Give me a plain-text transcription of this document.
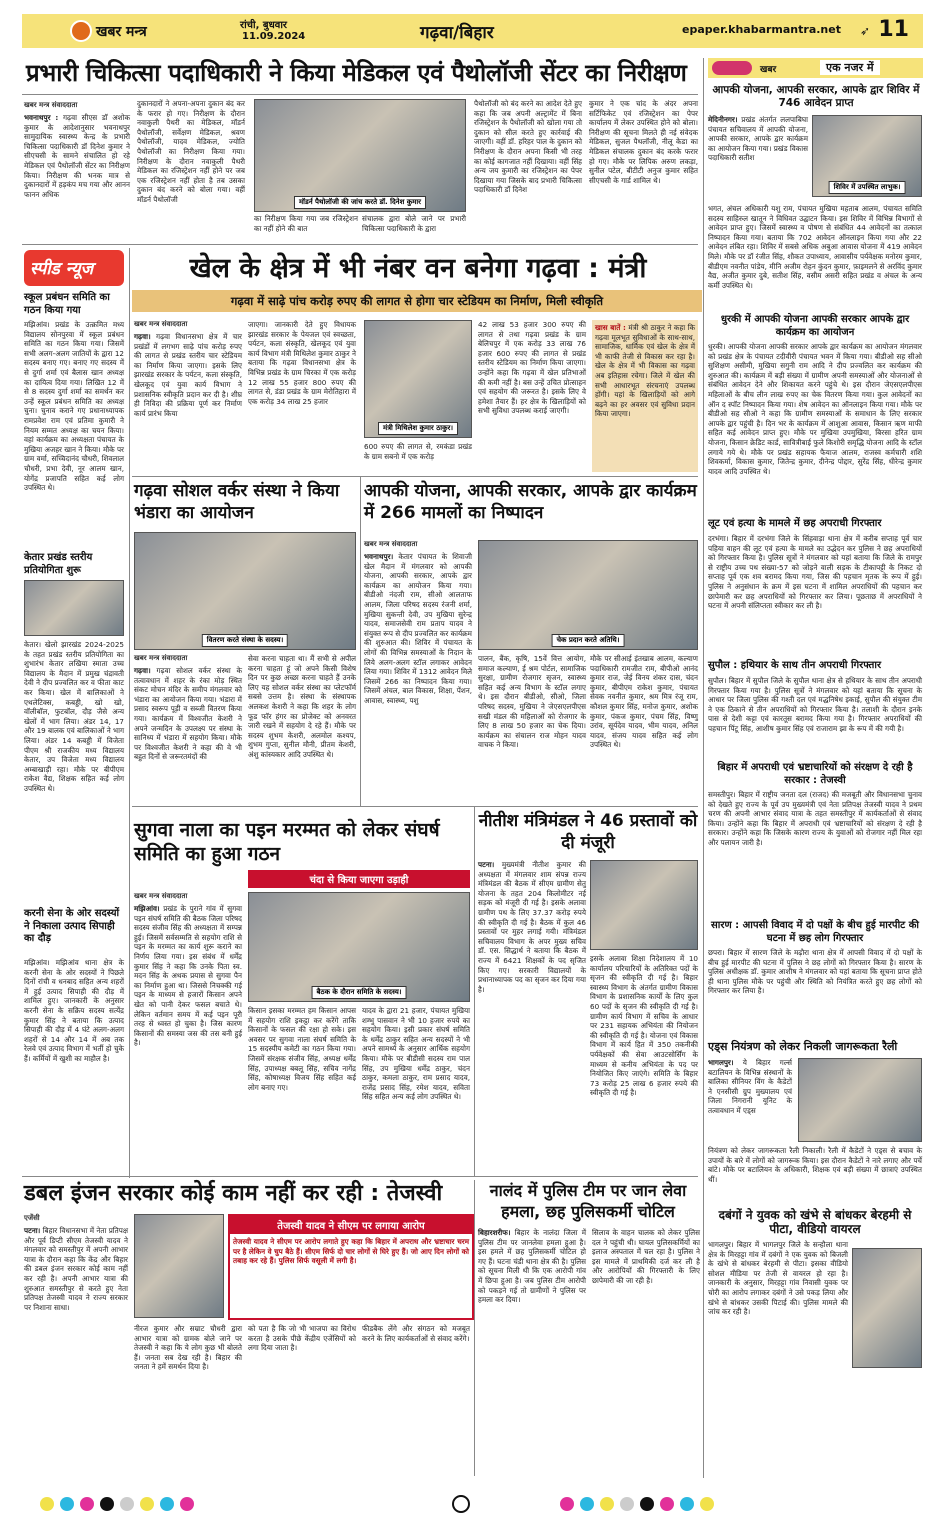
खबर मन्त्र	रांची, बुधवार
11.09.2024	गढ़वा/बिहार	epaper.khabarmantra.net ➶ 11
प्रभारी चिकित्सा पदाधिकारी ने किया मेडिकल एवं पैथोलॉजी सेंटर का निरीक्षण
खबर मन्त्र संवाददाता
भवनाथपुर : गढ़वा सीएस डॉ अशोक कुमार के आदेशानुसार भवनाथपुर सामुदायिक स्वास्थ्य केन्द्र के प्रभारी चिकित्सा पदाधिकारी डॉ दिनेश कुमार ने सीएचसी के सामने संचालित हो रहे मेडिकल एवं पैथोलॉजी सेंटर का निरीक्षण किया। निरीक्षण की भनक मात्र से दुकानदारों में हड़कंप मच गया और आनन फानन अधिक
दुकानदारों ने अपना-अपना दुकान बंद कर के फरार हो गए। निरीक्षण के दौरान नवाकुली पैथरी का मेडिकल, मॉडर्न पैथोलॉजी, सर्वेक्षण मेडिकल, श्रवण पैथोलॉजी, यादव मेडिकल, ज्योति पैथोलॉजी का निरीक्षण किया गया। निरीक्षण के दौरान नवाकुली पैथरी मेडिकल का रजिस्ट्रेशन नहीं होने पर जब एक रजिस्ट्रेशन नहीं होता है तब उसका दुकान बंद करने को बोला गया। वहीं मॉडर्न पैथोलॉजी	मॉडर्न पैथोलॉजी की जांच करते डॉ. दिनेश कुमार
का निरीक्षण किया गया जब रजिस्ट्रेशन का नहीं होने की बात
संचालक द्वारा बोले जाने पर प्रभारी चिकित्सा पदाधिकारी के द्वारा
पैथोलॉजी को बंद करने का आदेश देते हुए कहा कि जब अपनी अल्ट्रामेंट में बिना रजिस्ट्रेशन के पैथोलॉजी को खोला गया तो दुकान को सील करते हुए कार्रवाई की जाएगी। वहीं डॉ. हरिहर पाल के दुकान को निरीक्षण के दौरान अपना किसी भी तरह का कोई कागजात नहीं दिखाया। वहीं सिंह अन्य जय कुमारी का रजिस्ट्रेशन का पेपर दिखाया गया जिसके बाद प्रभारी चिकित्सा पदाधिकारी डॉ दिनेश
कुमार ने एक चांद के अंदर अपना सर्टिफिकेट एवं रजिस्ट्रेशन का पेपर कार्यालय में लेकर उपस्थित होने को बोला। निरीक्षण की सूचना मिलते ही नई संवेदक मेडिकल, सुजल पैथलॉजी, नीलू केडा का मेडिकल संचालक दुकान बंद करके फरार हो गए। मौके पर लिपिक अरुण लकड़ा, सुनील पटेल, बीटीटी अनुज कुमार सहित सीएचसी के गार्ड शामिल थे।
खबर	एक नजर में
आपकी योजना, आपकी सरकार, आपके द्वार शिविर में 746 आवेदन प्राप्त
मेदिनीनगर। प्रखंड अंतर्गत ललपाबिघा पंचायत सचिवालय में आपकी योजना, आपकी सरकार, आपके द्वार कार्यक्रम का आयोजन किया गया। प्रखंड विकास पदाधिकारी सतीश
शिविर में उपस्थित लाभुक।
भगत, अंचल अधिकारी यशु राम, पंचायत मुखिया महताब आलम, पंचायत समिति सदस्य साहिरुल खातून ने विधिवत उद्घाटन किया। इस शिविर में विभिन्न विभागों से आवेदन प्राप्त हुए। जिसमें स्वास्थ्य व पोषण से संबंधित 44 आवेदनों का तत्काल निष्पादन किया गया। बताया कि 702 आवेदन ऑनलाइन किया गया और 22 आवेदन लंबित रहा। शिविर में सबसे अधिक अबुआ आवास योजना में 419 आवेदन मिले। मौके पर डॉ रंजीत सिंह, शौकत उपाध्याय, आवासीय पर्यवेक्षक मनोरम कुमार, बीडीएम नवनीत पांडेय, मीनि अजीम रोहन कुंदन कुमार, फ़ाइमलने से अरविंद कुमार वैद्य, अजीत कुमार दुबे, सतीश सिंह, वसीम असरी सहित प्रखंड व अंचल के अन्य कर्मी उपस्थित थे।
धुरकी में आपकी योजना आपकी सरकार आपके द्वार कार्यक्रम का आयोजन
धुरकी। आपकी योजना आपकी सरकार आपके द्वार कार्यक्रम का आयोजन मंगलवार को प्रखंड क्षेत्र के पंचायत टदीवीरी पंचायत भवन में किया गया। बीडीओ सह सीओ सुशिक्षण असीमी, मुखिया सगुनी राम आदि ने दीप प्रज्वलित कर कार्यक्रम की शुरुआत की। कार्यक्रम में बड़ी संख्या में ग्रामीण अपनी समस्याओं और योजनाओं से संबंधित आवेदन देने और शिकायत करने पहुंचे थे। इस दौरान जेएसएलपीएस महिलाओं के बीच लीन लाख रुपए का चेक वितरण किया गया। कुल आवेदनों का ऑन द स्पॉट निष्पादन किया गया। शेष आवेदन का ऑनलाइन किया गया। मौके पर बीडीओ सह सीओ ने कहा कि ग्रामीण समस्याओं के समाधान के लिए सरकार आपके द्वार पहुंची है। दिन भर के कार्यक्रम में आशुआ आवास, किसान ऋण माफी सहित कई आवेदन प्राप्त हुए। मौके पर मुखिया उपमुखिया, बिरसा हरित ग्राम योजना, किसान क्रेडिट कार्ड, सावित्रीबाई फुले किशोरी समृद्धि योजना आदि के स्टॉल लगाये गये थे। मौके पर प्रखंड सहायक फैयाज आलम, राजस्व कर्मचारी शशि शिवकर्मा, विकास कुमार, जितेन्द्र कुमार, दीनेन्द्र पोद्दार, सुरेंद्र सिंह, धीरेन्द्र कुमार यादव आदि उपस्थित थे।
लूट एवं हत्या के मामले में छह अपराधी गिरफ्तार
दरभंगा। बिहार में दरभंगा जिले के सिंहवाड़ा थाना क्षेत्र में करीब सप्ताह पूर्व चार पहिया वाहन की लूट एवं हत्या के मामले का उद्भेदन कर पुलिस ने छह अपराधियों को गिरफ्तार किया है। पुलिस सूत्रों ने मंगलवार को यहां बताया कि जिले के रामपुर से राष्ट्रीय उच्च पथ संख्या-57 को जोड़ने वाली सड़क के टीकापट्टी के निकट दो सप्ताह पूर्व एक शव बरामद किया गया, जिस की पहचान मृतक के रूप में हुई। पुलिस ने अनुसंधान के क्रम में इस घटना में शामिल अपराधियों की पहचान कर छापेमारी कर छह अपराधियों को गिरफ्तार कर लिया। पूछताछ में अपराधियों ने घटना में अपनी संलिप्तता स्वीकार कर ली है।
सुपौल : हथियार के साथ तीन अपराधी गिरफ्तार
सुपौल। बिहार में सुपौल जिले के सुपौल थाना क्षेत्र से हथियार के साथ तीन अपराधी गिरफ्तार किया गया है। पुलिस सूत्रों ने मंगलवार को यहां बताया कि सूचना के आधार पर जिला पुलिस की गश्ती दल एवं मद्धनिषेध इकाई, सुपौल की संयुक्त टीम ने एक ठिकाने से तीन अपराधियों को गिरफ्तार किया है। तलाशी के दौरान इनके पास से देशी कट्टा एवं कारतूस बरामद किया गया है। गिरफ्तार अपराधियों की पहचान पिंटू सिंह, आशीष कुमार सिंह एवं राजाराम झा के रूप में की गयी है।
बिहार में अपराधी एवं भ्रष्टाचारियों को संरक्षण दे रही है सरकार : तेजस्वी
समस्तीपुर। बिहार में राष्ट्रीय जनता दल (राजद) की मजबूती और विधानसभा चुनाव को देखते हुए राज्य के पूर्व उप मुख्यमंत्री एवं नेता प्रतिपक्ष तेजस्वी यादव ने प्रथम चरण की अपनी आभार संवाद यात्रा के तहत समस्तीपुर में कार्यकर्ताओं से संवाद किया। उन्होंने कहा कि बिहार में अपराधी एवं भ्रष्टाचारियों को संरक्षण दे रही है सरकार। उन्होंने कहा कि जिसके कारण राज्य के युवाओं को रोजगार नहीं मिल रहा और पलायन जारी है।
सारण : आपसी विवाद में दो पक्षों के बीच हुई मारपीट की घटना में छह लोग गिरफ्तार
छपरा। बिहार में सारण जिले के मढ़ौरा थाना क्षेत्र में आपसी विवाद में दो पक्षों के बीच हुई मारपीट की घटना में पुलिस ने छह लोगों को गिरफ्तार किया है। सारण के पुलिस अधीक्षक डॉ. कुमार आशीष ने मंगलवार को यहां बताया कि सूचना प्राप्त होते ही थाना पुलिस मौके पर पहुंची और स्थिति को नियंत्रित करते हुए छह लोगों को गिरफ्तार कर लिया है।
एड्स नियंत्रण को लेकर निकली जागरूकता रैली
भागलपुर। ये बिहार गर्ल्स बटालियन के विभिन्न संस्थानों के बालिका सीनियर विंग के कैडेटों ने एनसीसी ग्रुप मुख्यालय एवं जिला निगरानी यूनिट के तत्वावधान में एड्स
नियंत्रण को लेकर जागरूकता रैली निकाली। रैली में कैडेटों ने एड्स से बचाव के उपायों के बारे में लोगों को जागरूक किया। इस दौरान कैडेटों ने नारे लगाए और पर्चे बांटे। मौके पर बटालियन के अधिकारी, शिक्षक एवं बड़ी संख्या में छात्राएं उपस्थित थीं।
दबंगों ने युवक को खंभे से बांधकर बेरहमी से पीटा, वीडियो वायरल
भागलपुर। बिहार में भागलपुर जिले के सन्हौला थाना क्षेत्र के मिरहट्टा गांव में दबंगों ने एक युवक को बिजली के खंभे से बांधकर बेरहमी से पीटा। इसका वीडियो सोशल मीडिया पर तेजी से वायरल हो रहा है। जानकारी के अनुसार, मिरहट्टा गांव निवासी युवक पर चोरी का आरोप लगाकर दबंगों ने उसे पकड़ लिया और खंभे से बांधकर उसकी पिटाई की। पुलिस मामले की जांच कर रही है।
स्पीड न्यूज
स्कूल प्रबंधन समिति का गठन किया गया
मझिआंव। प्रखंड के उत्क्रमित मध्य विद्यालय सोनपुरवा में स्कूल प्रबंधन समिति का गठन किया गया। जिसमें सभी अलग-अलग जातियों के द्वारा 12 सदस्य बनाए गए। बनाए गए सदस्य में से दुर्गा शर्मा एवं बैलास खान अध्यक्ष का दायित्व दिया गया। लिखित 12 में से 8 सदस्य दुर्गा शर्मा का समर्थन कर उन्हें स्कूल प्रबंधन समिति का अध्यक्ष चुना। चुनाव कराने गए प्रधानाध्यापक रामप्रवेश राम एवं प्रतिमा कुमारी ने नियम सम्मत अध्यक्ष का चयन किया। वहां कार्यक्रम का अध्यक्षता पंचायत के मुखिया अजहर खान ने किया। मौके पर ग्राम वर्मा, सच्चिदानंद चौधरी, शिवलाल चौधरी, प्रभा देवी, नूर आलम खान, योगेंद्र प्रजापति सहित कई लोग उपस्थित थे।
केतार प्रखंड स्तरीय प्रतियोगिता शुरू
केतार। खेलो झारखंड 2024-2025 के तहत प्रखंड स्तरीय प्रतियोगिता का शुभारंभ केतार लखिया स्माता उच्च विद्यालय के मैदान में प्रमुख चंद्रावती देवी ने दीप प्रज्वलित कर व फीता काट कर किया। खेल में बालिकाओं ने एथलेटिक्स, कबड्डी, खो खो, वॉलीबॉल, फुटबॉल, दौड़ जैसे अन्य खेलों में भाग लिया। अंडर 14, 17 और 19 बालक एवं बालिकाओं ने भाग लिया। अंडर 14 कबड्डी में विजेता पीएम श्री राजकीय मध्य विद्यालय केतार, उप विजेता मध्य विद्यालय अम्बाखाड़ी रहा। मौके पर बीपीएम राकेश वैद्य, शिक्षक सहित कई लोग उपस्थित थे।
करनी सेना के ओर सदस्यों ने निकाला उत्पाद सिपाही का दौड़
मझिआंव। मझिआंव थाना क्षेत्र के करनी सेना के ओर सदस्यों ने पिछले दिनों रांची व धनबाद सहित अन्य शहरों में हुई उत्पाद सिपाही की दौड़ में शामिल हुए। जानकारी के अनुसार करनी सेना के सक्रिय सदस्य सत्येंद्र कुमार सिंह ने बताया कि उत्पाद सिपाही की दौड़ में 4 घंटे अलग-अलग शहरों से 14 और 14 में अब तक रेलवे एवं उत्पाद विभाग में भर्ती हो चुके हैं। कर्मियों में खुशी का माहौल है।
खेल के क्षेत्र में भी नंबर वन बनेगा गढ़वा : मंत्री
गढ़वा में साढ़े पांच करोड़ रुपए की लागत से होगा चार स्टेडियम का निर्माण, मिली स्वीकृति
खबर मन्त्र संवाददाता
गढ़वा। गढ़वा विधानसभा क्षेत्र में चार प्रखंडों में लगभग साढ़े पांच करोड़ रुपए की लागत से प्रखंड स्तरीय चार स्टेडियम का निर्माण किया जाएगा। इसके लिए झारखंड सरकार के पर्यटन, कला संस्कृति, खेलकूद एवं युवा कार्य विभाग ने प्रशासनिक स्वीकृति प्रदान कर दी है। शीघ्र ही निविदा की प्रक्रिया पूर्ण कर निर्माण कार्य प्रारंभ किया
जाएगा। जानकारी देते हुए विधायक झारखंड सरकार के पेयजल एवं स्वच्छता, पर्यटन, कला संस्कृति, खेलकूद एवं युवा कार्य विभाग मंत्री मिथिलेश कुमार ठाकुर ने बताया कि गढ़वा विधानसभा क्षेत्र के विभिन्न प्रखंड के ग्राम चिरका में एक करोड़ 12 लाख 55 हजार 800 रुपए की लागत से, डंडा प्रखंड के ग्राम मेरोतिहारा में एक करोड़ 34 लाख 25 हजार
मंत्री मिथिलेश कुमार ठाकुर।
600 रुपए की लागत से, रमकंडा प्रखंड के ग्राम सबनो में एक करोड़
42 लाख 53 हजार 300 रुपए की लागत से तथा गढ़वा प्रखंड के ग्राम बेलिचपुर में एक करोड़ 33 लाख 76 हजार 600 रुपए की लागत से प्रखंड स्तरीय स्टेडियम का निर्माण किया जाएगा। उन्होंने कहा कि गढ़वा में खेल प्रतिभाओं की कमी नहीं है। बस उन्हें उचित प्रोत्साहन एवं सहयोग की जरूरत है। इसके लिए वे हमेशा तैयार हैं। हर क्षेत्र के खिलाड़ियों को सभी सुविधा उपलब्ध कराई जाएगी।
खास बातें : मंत्री श्री ठाकुर ने कहा कि गढ़वा मूलभूत सुविधाओं के साथ-साथ, सामाजिक, धार्मिक एवं खेल के क्षेत्र में भी काफी तेजी से विकास कर रहा है। खेल के क्षेत्र में भी विकास का गढ़वा अब इतिहास रचेगा। जिले में खेल की सभी आधारभूत संरचनाएं उपलब्ध होंगी। यहां के खिलाड़ियों को आगे बढ़ने का हर अवसर एवं सुविधा प्रदान किया जाएगा।
गढ़वा सोशल वर्कर संस्था ने किया भंडारा का आयोजन
वितरण करते संस्था के सदस्य।
खबर मन्त्र संवाददाता
गढ़वा। गढ़वा सोशल वर्कर संस्था के तत्वावधान में शहर के रंका मोड़ स्थित संकट मोचन मंदिर के समीप मंगलवार को भंडारा का आयोजन किया गया। भंडारा में प्रसाद स्वरूप पूड़ी व सब्जी वितरण किया गया। कार्यक्रम में विश्वजीत केशरी ने अपने जन्मदिन के उपलक्ष्य पर संस्था के सानिध्य में भंडारा में सहयोग किया। मौके पर विश्वजीत केशरी ने कहा की वे भी बहुत दिनों से जरूरतमंदों की
सेवा करना चाहता था। मैं सभी से अपील करना चाहता हूं जो अपने किसी विशेष दिन पर कुछ अच्छा करना चाहते हैं उनके लिए यह सोशल वर्कर संस्था का प्लेटफॉर्म सबसे उत्तम है। संस्था के संस्थापक अलकश केशरी ने कहा कि शहर के लोग फूड फॉर हंगर का प्रोजेक्ट को अनवरत जारी रखने में सहयोग दे रहे हैं। मौके पर सदस्य शुभम केशरी, अलमोल कश्यप, शुभम गुप्ता, सुनील मौनी, प्रीतम केशरी, अंशु कांस्यकार आदि उपस्थित थे।
आपकी योजना, आपकी सरकार, आपके द्वार कार्यक्रम में 266 मामलों का निष्पादन
खबर मन्त्र संवाददाता
भवनाथपुर। केतार पंचायत के शिवाजी खेल मैदान में मंगलवार को आपकी योजना, आपकी सरकार, आपके द्वार कार्यक्रम का आयोजन किया गया। बीडीओ नंदजी राम, सीओ आलताफ आलम, जिला परिषद सदस्य रंजनी शर्मा, मुखिया सुकन्ती देवी, उप मुखिया सुरेन्द्र यादव, समाजसेवी राम प्रताप यादव ने संयुक्त रूप से दीप प्रज्वलित कर कार्यक्रम की शुरुआत की। शिविर में पंचायत के लोगों की विभिन्न समस्याओं के निदान के लिये अलग-अलग स्टॉल लगाकर आवेदन लिया गया। शिविर में 1312 आवेदन मिले जिसमें 266 का निष्पादन किया गया। जिसमें अंचल, बाल विकास, शिक्षा, पेंशन, आवास, स्वास्थ्य, पशु
चेक प्रदान करते अतिथि।
पालन, बैंक, कृषि, 15वें वित्त आयोग, समाज कल्याण, ई श्रम पोर्टल, सामाजिक सुरक्षा, ग्रामीण रोजगार सृजन, स्वास्थ्य सहित कई अन्य विभाग के स्टॉल लगाए थे। इस दौरान बीडीओ, सीओ, जिला परिषद सदस्य, मुखिया ने जेएसएलपीएस सखी मंडल की महिलाओं को रोजगार के लिए 8 लाख 50 हजार का चेक दिया। कार्यक्रम का संचालन राज मोहन यादव वाचक ने किया।
मौके पर सीआई इंतखाब आलम, कल्याण पदाधिकारी रामजीत राम, बीपीओ आनंद कुमार राज, जेई विनय शंकर दास, चंदन कुमार, बीपीएम राकेश कुमार, पंचायत सेवक नवनीत कुमार, श्रम मित्र रंजू राम, कौशल कुमार सिंह, मनोज कुमार, अशोक कुमार, पंकज कुमार, पंचम सिंह, विष्णु उरांव, सूर्यदेव यादव, भीम यादव, अनिल यादव, संजय यादव सहित कई लोग उपस्थित थे।
नीतीश मंत्रिमंडल ने 46 प्रस्तावों को दी मंजूरी
पटना। मुख्यमंत्री नीतीश कुमार की अध्यक्षता में मंगलवार शाम संपन्न राज्य मंत्रिमंडल की बैठक में सीएम ग्रामीण सेतु योजना के तहत 204 किलोमीटर नई सड़क को मंजूरी दी गई है। इसके अलावा ग्रामीण पथ के लिए 37.37 करोड़ रुपये की स्वीकृति दी गई है। बैठक में कुल 46 प्रस्तावों पर मुहर लगाई गयी। मंत्रिमंडल सचिवालय विभाग के अपर मुख्य सचिव डॉ. एस. सिद्धार्थ ने बताया कि बैठक में राज्य में 6421 शिक्षकों के पद सृजित किए गए। सरकारी विद्यालयों के प्रधानाध्यापक पद का सृजन कर दिया गया है।
इसके अलावा शिक्षा निदेशालय में 10 कार्यालय परिचारियों के अतिरिक्त पदों के सृजन की स्वीकृति दी गई है। बिहार स्वास्थ्य विभाग के अंतर्गत ग्रामीण विकास विभाग के प्रशासनिक कार्यों के लिए कुल 60 पदों के सृजन की स्वीकृति दी गई है। ग्रामीण कार्य विभाग में सचिव के आधार पर 231 सहायक अभियंता की नियोजन की स्वीकृति दी गई है। योजना एवं विकास विभाग में कार्य हित में 350 तकनीकी पर्यवेक्षकों की सेवा आउटसोर्सिंग के माध्यम से कनीय अभियंता के पद पर नियोजित किए जाएंगे। समिति के बिहार 73 करोड़ 25 लाख 6 हजार रुपये की स्वीकृति दी गई है।
सुगवा नाला का पइन मरम्मत को लेकर संघर्ष समिति का हुआ गठन
चंदा से किया जाएगा उड़ाही
खबर मन्त्र संवाददाता
मझिआंव। प्रखंड के पुराने गांव में सुगवा पइन संघर्ष समिति की बैठक जिला परिषद सदस्य संजीव सिंह की अध्यक्षता में सम्पन्न हुई। जिसमें सर्वसम्मति से सहयोग राशि से पइन के मरम्मत का कार्य शुरू कराने का निर्णय लिया गया। इस संबंध में धर्मेंद्र कुमार सिंह ने कहा कि उनके पिता स्व. मदन सिंह के अथक प्रयास से सुगवा पैन का निर्माण हुआ था। जिससे निचक्की गई पइन के माध्यम से हजारों किसान अपने खेत को पानी देकर फसल बचाते थे। लेकिन वर्तमान समय में कई पइन पूरी तरह से ध्वस्त हो चुका है। जिस कारण किसानों की समस्या जस की तस बनी हुई है।
बैठक के दौरान समिति के सदस्य।
किसान इसका मरम्मत हम किसान आपस में सहयोग राशि इकट्ठा कर करेंगे ताकि किसानों के फसल की रक्षा हो सके। इस अवसर पर सुगवा नाला संघर्ष समिति के 15 सदस्यीय कमेटी का गठन किया गया। जिसमें संरक्षक संजीव सिंह, अध्यक्ष धर्मेंद्र सिंह, उपाध्यक्ष बबलू सिंह, सचिव नागेंद्र सिंह, कोषाध्यक्ष विजय सिंह सहित कई लोग बनाए गए।
यादव के द्वारा 21 हजार, पंचायत मुखिया शम्भु पासवान ने भी 10 हजार रुपये का सहयोग किया। इसी प्रकार संघर्ष समिति के धर्मेंद्र ठाकुर सहित अन्य सदस्यों ने भी अपने सामर्थ्य के अनुसार आर्थिक सहयोग किया। मौके पर बीडीसी सदस्य राम पाल सिंह, उप मुखिया धर्मेंद्र ठाकुर, चंदन ठाकुर, कमला ठाकुर, राम प्रसाद यादव, राजेंद्र प्रसाद सिंह, रमेश यादव, सविता सिंह सहित अन्य कई लोग उपस्थित थे।
डबल इंजन सरकार कोई काम नहीं कर रही : तेजस्वी
तेजस्वी यादव ने सीएम पर लगाया आरोप
तेजस्वी यादव ने सीएम पर आरोप लगाते हुए कहा कि बिहार में अपराध और भ्रष्टाचार चरम पर है लेकिन वे चुप बैठे हैं। सीएम सिर्फ दो चार लोगों से घिरे हुए हैं। जो आए दिन लोगों को तबाह कर रहे हैं। पुलिस सिर्फ वसूली में लगी है।
एजेंसी
पटना। बिहार विधानसभा में नेता प्रतिपक्ष और पूर्व डिप्टी सीएम तेजस्वी यादव ने मंगलवार को समस्तीपुर में अपनी आभार यात्रा के दौरान कहा कि केंद्र और बिहार की डबल इंजन सरकार कोई काम नहीं कर रही है। अपनी आभार यात्रा की शुरुआत समस्तीपुर से करते हुए नेता प्रतिपक्ष तेजस्वी यादव ने राज्य सरकार पर निशाना साधा।
नीरज कुमार और सम्राट चौधरी द्वारा आभार यात्रा को ग्रामक बोले जाने पर तेजस्वी ने कहा कि ये लोग कुछ भी बोलते हैं। जनता सब देख रही है। बिहार की जनता ने हमें समर्थन दिया है।
को पता है कि जो भी भाजपा का विरोध करता है उसके पीछे केंद्रीय एजेंसियों को लगा दिया जाता है।
फीडबैक लेंगे और संगठन को मजबूत करने के लिए कार्यकर्ताओं से संवाद करेंगे।
नालंद में पुलिस टीम पर जान लेवा हमला, छह पुलिसकर्मी चोटिल
बिहारशरीफ। बिहार के नालंदा जिला में पुलिस टीम पर जानलेवा हमला हुआ है। इस हमले में छह पुलिसकर्मी चोटिल हो गए हैं। घटना चंडी थाना क्षेत्र की है। पुलिस को सूचना मिली थी कि एक आरोपी गांव में छिपा हुआ है। जब पुलिस टीम आरोपी को पकड़ने गई तो ग्रामीणों ने पुलिस पर हमला कर दिया।
सिलाव के वाहन चालक को लेकर पुलिस दल ने पहुंची थी। घायल पुलिसकर्मियों का इलाज अस्पताल में चल रहा है। पुलिस ने इस मामले में प्राथमिकी दर्ज कर ली है और आरोपियों की गिरफ्तारी के लिए छापेमारी की जा रही है।
